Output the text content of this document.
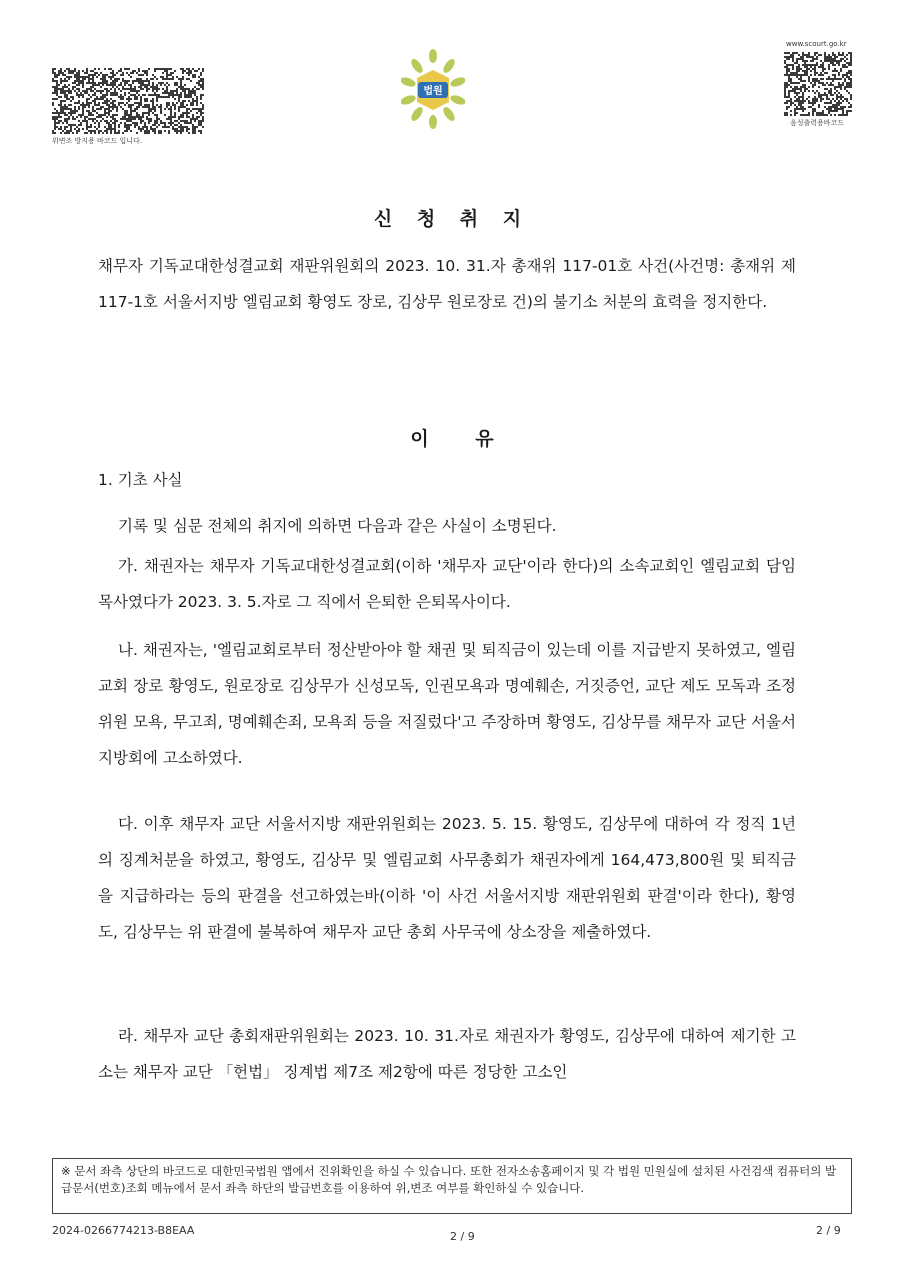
위변조 방지용 바코드 입니다.
법원
www.scourt.go.kr
음성출력용바코드
신 청 취 지
채무자 기독교대한성결교회 재판위원회의 2023. 10. 31.자 총재위 117-01호 사건(사건명: 총재위 제117-1호 서울서지방 엘림교회 황영도 장로, 김상무 원로장로 건)의 불기소 처분의 효력을 정지한다.
이 유
1. 기초 사실
기록 및 심문 전체의 취지에 의하면 다음과 같은 사실이 소명된다.
가. 채권자는 채무자 기독교대한성결교회(이하 '채무자 교단'이라 한다)의 소속교회인 엘림교회 담임목사였다가 2023. 3. 5.자로 그 직에서 은퇴한 은퇴목사이다.
나. 채권자는, '엘림교회로부터 정산받아야 할 채권 및 퇴직금이 있는데 이를 지급받지 못하였고, 엘림교회 장로 황영도, 원로장로 김상무가 신성모독, 인권모욕과 명예훼손, 거짓증언, 교단 제도 모독과 조정위원 모욕, 무고죄, 명예훼손죄, 모욕죄 등을 저질렀다'고 주장하며 황영도, 김상무를 채무자 교단 서울서지방회에 고소하였다.
다. 이후 채무자 교단 서울서지방 재판위원회는 2023. 5. 15. 황영도, 김상무에 대하여 각 정직 1년의 징계처분을 하였고, 황영도, 김상무 및 엘림교회 사무총회가 채권자에게 164,473,800원 및 퇴직금을 지급하라는 등의 판결을 선고하였는바(이하 '이 사건 서울서지방 재판위원회 판결'이라 한다), 황영도, 김상무는 위 판결에 불복하여 채무자 교단 총회 사무국에 상소장을 제출하였다.
라. 채무자 교단 총회재판위원회는 2023. 10. 31.자로 채권자가 황영도, 김상무에 대하여 제기한 고소는 채무자 교단 「헌법」 징계법 제7조 제2항에 따른 정당한 고소인
※ 문서 좌측 상단의 바코드로 대한민국법원 앱에서 진위확인을 하실 수 있습니다. 또한 전자소송홈페이지 및 각 법원 민원실에 설치된 사건검색 컴퓨터의 발급문서(번호)조회 메뉴에서 문서 좌측 하단의 발급번호를 이용하여 위,변조 여부를 확인하실 수 있습니다.
2024-0266774213-B8EAA	2 / 9	2 / 9
